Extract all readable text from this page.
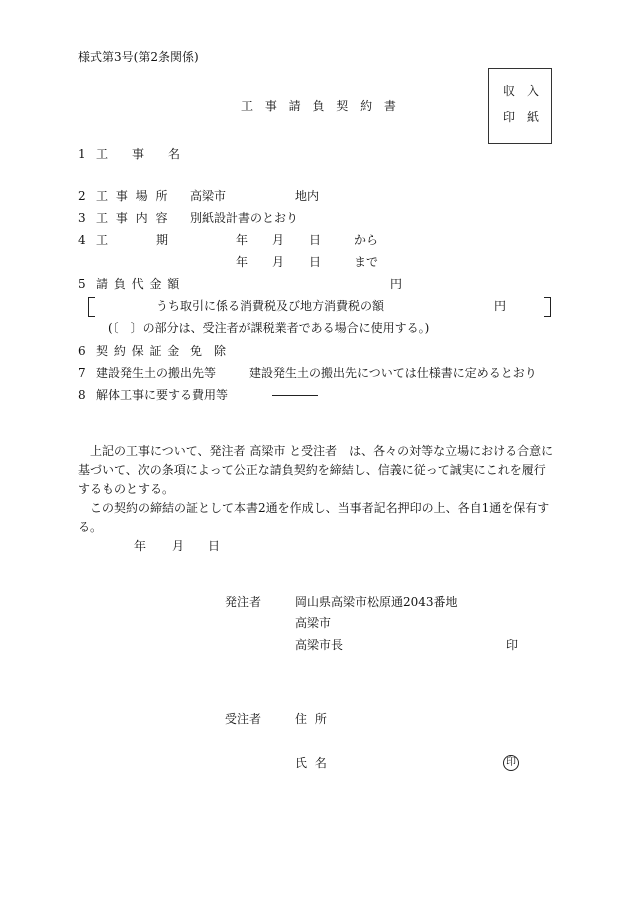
様式第3号(第2条関係)
工 事 請 負 契 約 書
収　入
印　紙
1 工　　事　　名
2 工 事 場 所 高梁市	地内
3 工 事 内 容 別紙設計書のとおり
4 工　　　　期	年 月 日	から
年 月 日	まで
5 請 負 代 金 額	円
うち取引に係る消費税及び地方消費税の額	円
(〔　〕の部分は、受注者が課税業者である場合に使用する。)
6 契 約 保 証 金 免　除
7 建設発生土の搬出先等	建設発生土の搬出先については仕様書に定めるとおり
8 解体工事に要する費用等
上記の工事について、発注者 高梁市 と受注者　は、各々の対等な立場における合意に基づいて、次の条項によって公正な請負契約を締結し、信義に従って誠実にこれを履行するものとする。
この契約の締結の証として本書2通を作成し、当事者記名押印の上、各自1通を保有する。
年 月 日
発注者	岡山県高梁市松原通2043番地
高梁市
高梁市長	印
受注者	住 所
氏 名	印
